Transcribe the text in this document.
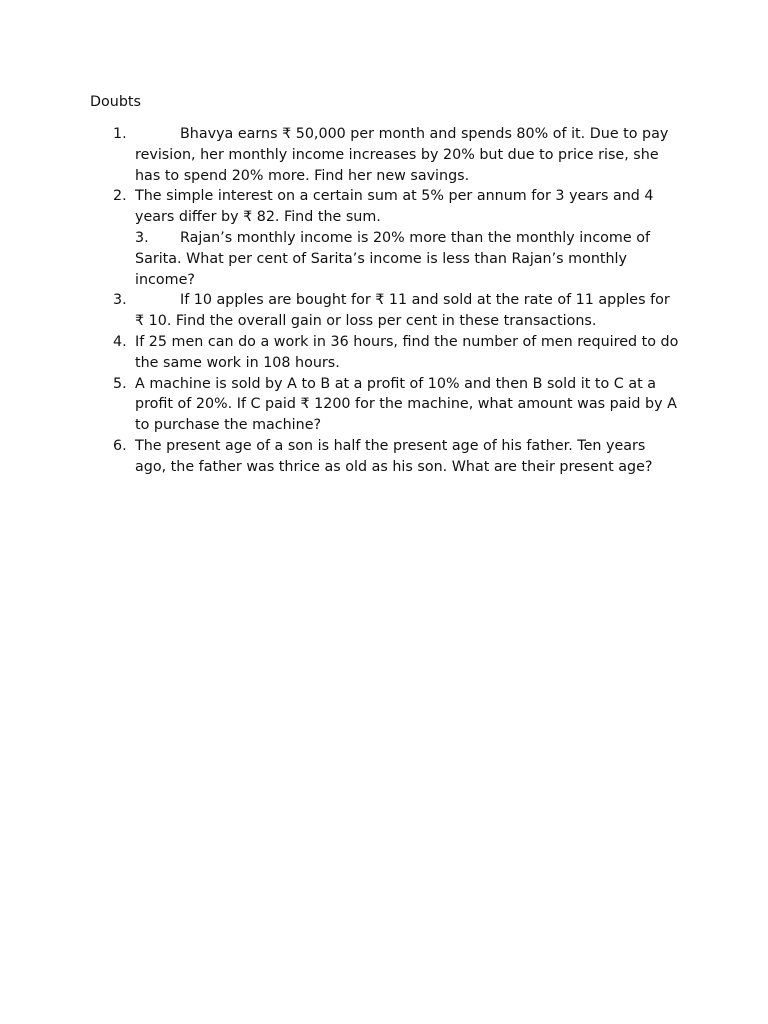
Doubts
1.	Bhavya earns ₹ 50,000 per month and spends 80% of it. Due to pay revision, her monthly income increases by 20% but due to price rise, she has to spend 20% more. Find her new savings.
2. The simple interest on a certain sum at 5% per annum for 3 years and 4 years differ by ₹ 82. Find the sum.
3. Rajan’s monthly income is 20% more than the monthly income of Sarita. What per cent of Sarita’s income is less than Rajan’s monthly income?
3.	If 10 apples are bought for ₹ 11 and sold at the rate of 11 apples for ₹ 10. Find the overall gain or loss per cent in these transactions.
4. If 25 men can do a work in 36 hours, find the number of men required to do the same work in 108 hours.
5. A machine is sold by A to B at a profit of 10% and then B sold it to C at a profit of 20%. If C paid ₹ 1200 for the machine, what amount was paid by A to purchase the machine?
6. The present age of a son is half the present age of his father. Ten years ago, the father was thrice as old as his son. What are their present age?
